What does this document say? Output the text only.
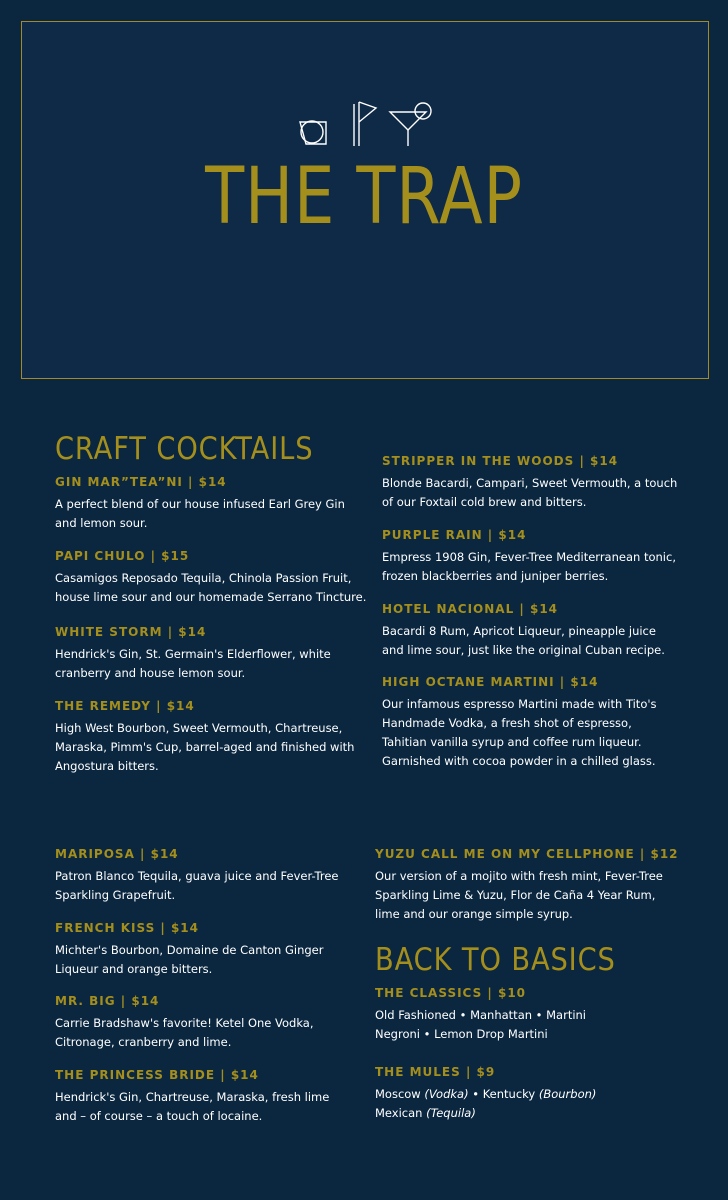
THE TRAP
CRAFT COCKTAILS
GIN MAR”TEA”NI | $14
A perfect blend of our house infused Earl Grey Gin
and lemon sour.
PAPI CHULO | $15
Casamigos Reposado Tequila, Chinola Passion Fruit,
house lime sour and our homemade Serrano Tincture.
WHITE STORM | $14
Hendrick's Gin, St. Germain's Elderflower, white
cranberry and house lemon sour.
THE REMEDY | $14
High West Bourbon, Sweet Vermouth, Chartreuse,
Maraska, Pimm's Cup, barrel-aged and finished with
Angostura bitters.
STRIPPER IN THE WOODS | $14
Blonde Bacardi, Campari, Sweet Vermouth, a touch
of our Foxtail cold brew and bitters.
PURPLE RAIN | $14
Empress 1908 Gin, Fever-Tree Mediterranean tonic,
frozen blackberries and juniper berries.
HOTEL NACIONAL | $14
Bacardi 8 Rum, Apricot Liqueur, pineapple juice
and lime sour, just like the original Cuban recipe.
HIGH OCTANE MARTINI | $14
Our infamous espresso Martini made with Tito's
Handmade Vodka, a fresh shot of espresso,
Tahitian vanilla syrup and coffee rum liqueur.
Garnished with cocoa powder in a chilled glass.
MARIPOSA | $14
Patron Blanco Tequila, guava juice and Fever-Tree
Sparkling Grapefruit.
FRENCH KISS | $14
Michter's Bourbon, Domaine de Canton Ginger
Liqueur and orange bitters.
MR. BIG | $14
Carrie Bradshaw's favorite! Ketel One Vodka,
Citronage, cranberry and lime.
THE PRINCESS BRIDE | $14
Hendrick's Gin, Chartreuse, Maraska, fresh lime
and – of course – a touch of locaine.
YUZU CALL ME ON MY CELLPHONE | $12
Our version of a mojito with fresh mint, Fever-Tree
Sparkling Lime & Yuzu, Flor de Caña 4 Year Rum,
lime and our orange simple syrup.
BACK TO BASICS
THE CLASSICS | $10
Old Fashioned • Manhattan • Martini
Negroni • Lemon Drop Martini
THE MULES | $9
Moscow (Vodka) • Kentucky (Bourbon)
Mexican (Tequila)
